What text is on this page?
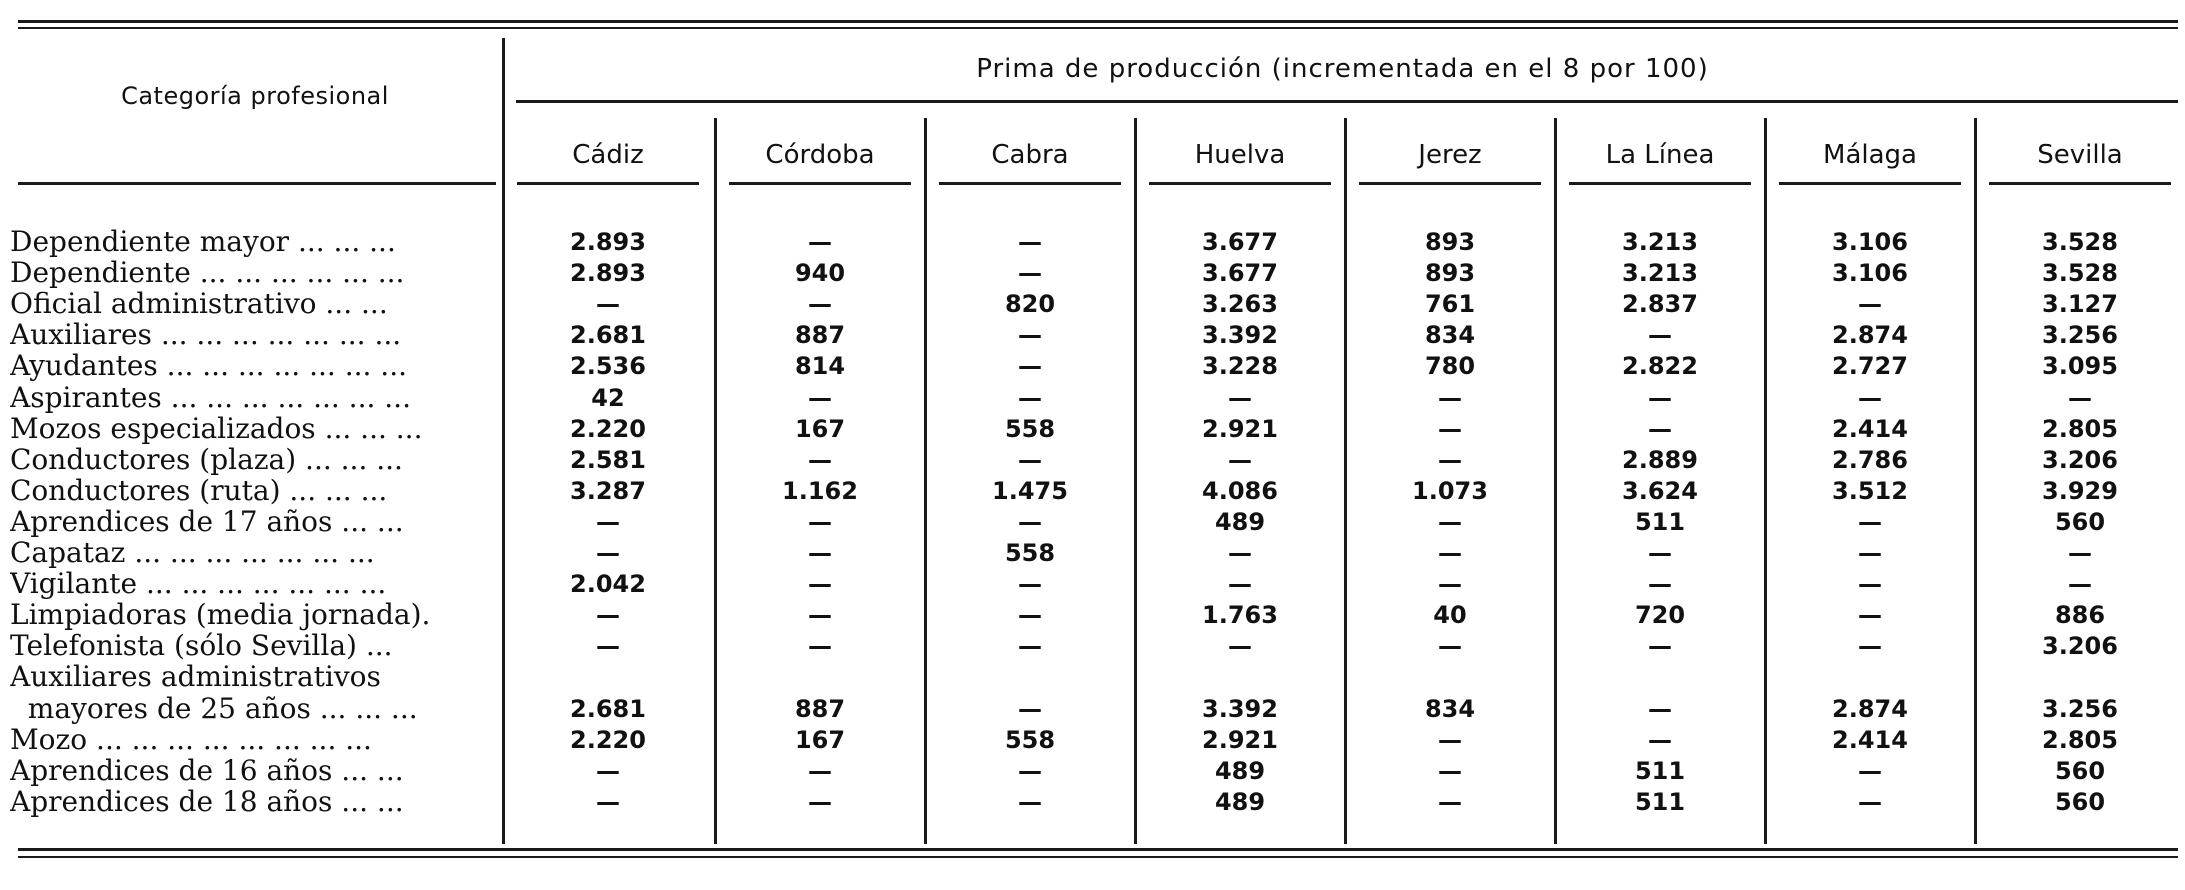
Categoría profesional
Prima de producción (incrementada en el 8 por 100)
Cádiz	Córdoba	Cabra	Huelva	Jerez	La Línea	Málaga	Sevilla
Dependiente mayor ... ... ...	2.893	—	—	3.677	893	3.213	3.106	3.528
Dependiente ... ... ... ... ... ...	2.893	940	—	3.677	893	3.213	3.106	3.528
Oficial administrativo ... ...	—	—	820	3.263	761	2.837	—	3.127
Auxiliares ... ... ... ... ... ... ...	2.681	887	—	3.392	834	—	2.874	3.256
Ayudantes ... ... ... ... ... ... ...	2.536	814	—	3.228	780	2.822	2.727	3.095
Aspirantes ... ... ... ... ... ... ...	42	—	—	—	—	—	—	—
Mozos especializados ... ... ...	2.220	167	558	2.921	—	—	2.414	2.805
Conductores (plaza) ... ... ...	2.581	—	—	—	—	2.889	2.786	3.206
Conductores (ruta) ... ... ...	3.287	1.162	1.475	4.086	1.073	3.624	3.512	3.929
Aprendices de 17 años ... ...	—	—	—	489	—	511	—	560
Capataz ... ... ... ... ... ... ...	—	—	558	—	—	—	—	—
Vigilante ... ... ... ... ... ... ...	2.042	—	—	—	—	—	—	—
Limpiadoras (media jornada).	—	—	—	1.763	40	720	—	886
Telefonista (sólo Sevilla) ...	—	—	—	—	—	—	—	3.206
Auxiliares administrativos
mayores de 25 años ... ... ...	2.681	887	—	3.392	834	—	2.874	3.256
Mozo ... ... ... ... ... ... ... ...	2.220	167	558	2.921	—	—	2.414	2.805
Aprendices de 16 años ... ...	—	—	—	489	—	511	—	560
Aprendices de 18 años ... ...	—	—	—	489	—	511	—	560
